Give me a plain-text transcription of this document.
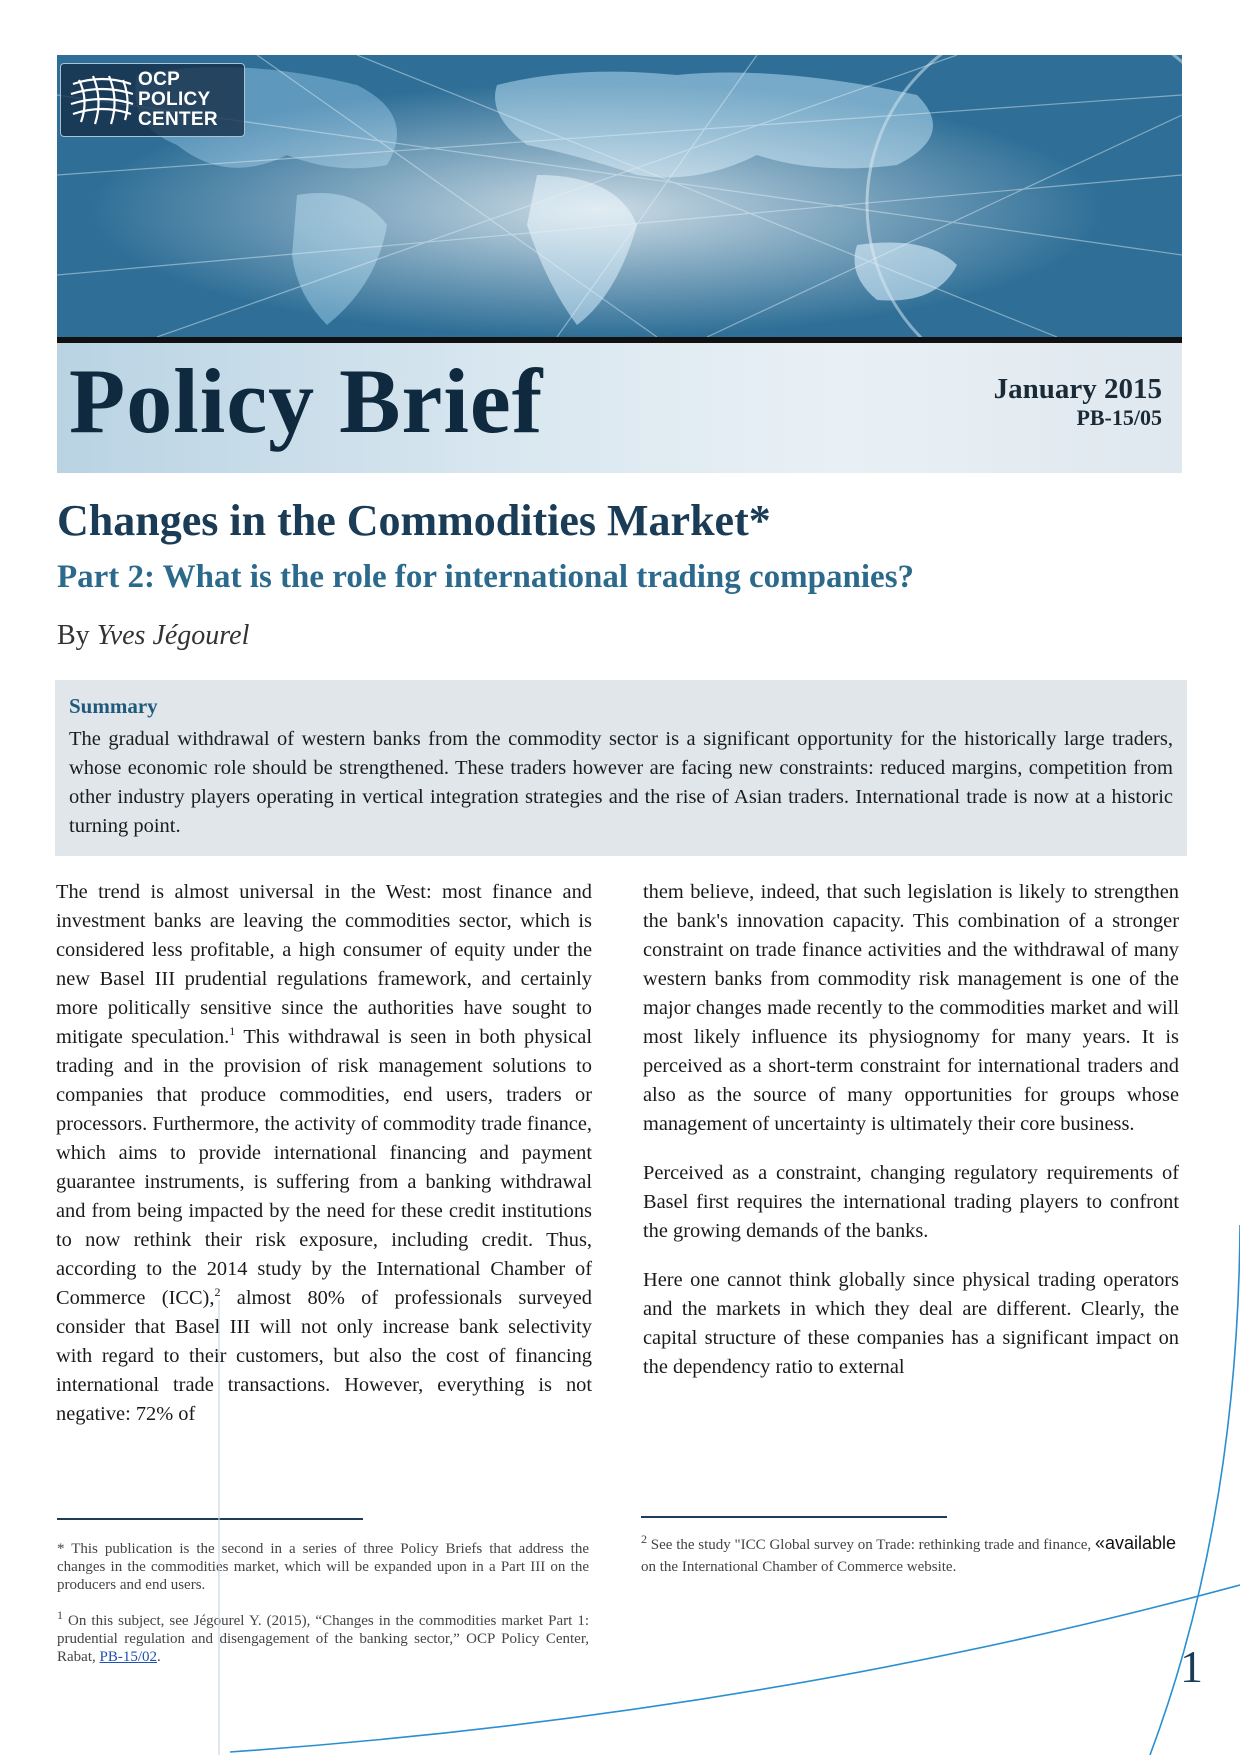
OCP
POLICY
CENTER
Policy Brief	January 2015
PB-15/05
Changes in the Commodities Market*
Part 2: What is the role for international trading companies?
By Yves Jégourel
Summary

The gradual withdrawal of western banks from the commodity sector is a significant opportunity for the historically large traders, whose economic role should be strengthened. These traders however are facing new constraints: reduced margins, competition from other industry players operating in vertical integration strategies and the rise of Asian traders. International trade is now at a historic turning point.

The trend is almost universal in the West: most finance and investment banks are leaving the commodities sector, which is considered less profitable, a high consumer of equity under the new Basel III prudential regulations framework, and certainly more politically sensitive since the authorities have sought to mitigate speculation.$^1$ This withdrawal is seen in both physical trading and in the provision of risk management solutions to companies that produce commodities, end users, traders or processors. Furthermore, the activity of commodity trade finance, which aims to provide international financing and payment guarantee instruments, is suffering from a banking withdrawal and from being impacted by the need for these credit institutions to now rethink their risk exposure, including credit. Thus, according to the 2014 study by the International Chamber of Commerce (ICC),$^2$ almost 80% of professionals surveyed consider that Basel III will not only increase bank selectivity with regard to their customers, but also the cost of financing international trade transactions. However, everything is not negative: 72% of

them believe, indeed, that such legislation is likely to strengthen the bank's innovation capacity. This combination of a stronger constraint on trade finance activities and the withdrawal of many western banks from commodity risk management is one of the major changes made recently to the commodities market and will most likely influence its physiognomy for many years. It is perceived as a short-term constraint for international traders and also as the source of many opportunities for groups whose management of uncertainty is ultimately their core business.

Perceived as a constraint, changing regulatory requirements of Basel first requires the international trading players to confront the growing demands of the banks.

Here one cannot think globally since physical trading operators and the markets in which they deal are different. Clearly, the capital structure of these companies has a significant impact on the dependency ratio to external

* This publication is the second in a series of three Policy Briefs that address the changes in the commodities market, which will be expanded upon in a Part III on the producers and end users.
$^1$ On this subject, see Jégourel Y. (2015), “Changes in the commodities market Part 1: prudential regulation and disengagement of the banking sector,” OCP Policy Center, Rabat, PB-15/02.
$^2$ See the study "ICC Global survey on Trade: rethinking trade and finance, «available on the International Chamber of Commerce website.
1
